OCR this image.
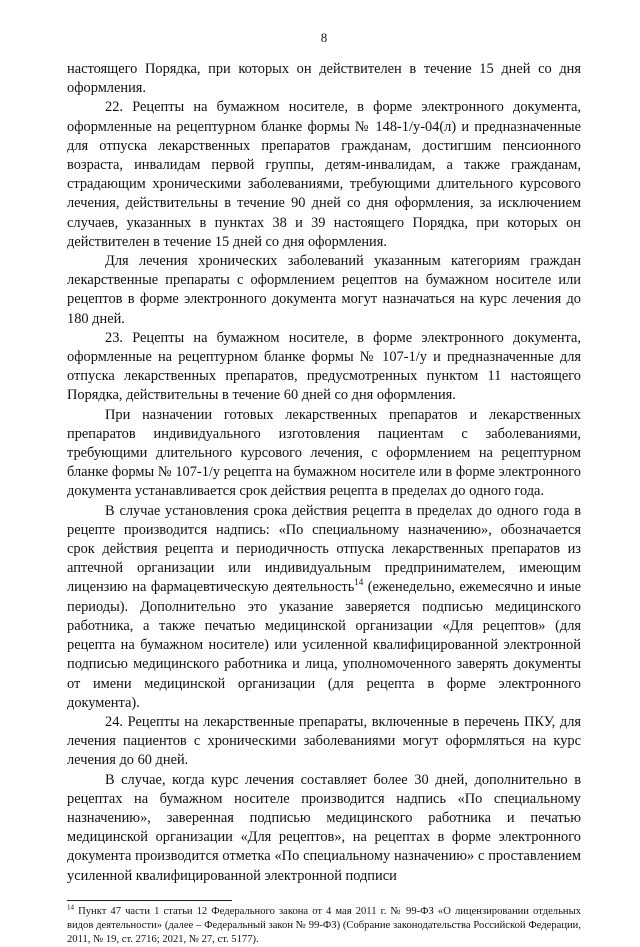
8

настоящего Порядка, при которых он действителен в течение 15 дней со дня оформления.

22. Рецепты на бумажном носителе, в форме электронного документа, оформленные на рецептурном бланке формы № 148-1/у-04(л) и предназначенные для отпуска лекарственных препаратов гражданам, достигшим пенсионного возраста, инвалидам первой группы, детям-инвалидам, а также гражданам, страдающим хроническими заболеваниями, требующими длительного курсового лечения, действительны в течение 90 дней со дня оформления, за исключением случаев, указанных в пунктах 38 и 39 настоящего Порядка, при которых он действителен в течение 15 дней со дня оформления.

Для лечения хронических заболеваний указанным категориям граждан лекарственные препараты с оформлением рецептов на бумажном носителе или рецептов в форме электронного документа могут назначаться на курс лечения до 180 дней.

23. Рецепты на бумажном носителе, в форме электронного документа, оформленные на рецептурном бланке формы № 107-1/у и предназначенные для отпуска лекарственных препаратов, предусмотренных пунктом 11 настоящего Порядка, действительны в течение 60 дней со дня оформления.

При назначении готовых лекарственных препаратов и лекарственных препаратов индивидуального изготовления пациентам с заболеваниями, требующими длительного курсового лечения, с оформлением на рецептурном бланке формы № 107-1/у рецепта на бумажном носителе или в форме электронного документа устанавливается срок действия рецепта в пределах до одного года.

В случае установления срока действия рецепта в пределах до одного года в рецепте производится надпись: «По специальному назначению», обозначается срок действия рецепта и периодичность отпуска лекарственных препаратов из аптечной организации или индивидуальным предпринимателем, имеющим лицензию на фармацевтическую деятельность$^{14}$ (еженедельно, ежемесячно и иные периоды). Дополнительно это указание заверяется подписью медицинского работника, а также печатью медицинской организации «Для рецептов» (для рецепта на бумажном носителе) или усиленной квалифицированной электронной подписью медицинского работника и лица, уполномоченного заверять документы от имени медицинской организации (для рецепта в форме электронного документа).

24. Рецепты на лекарственные препараты, включенные в перечень ПКУ, для лечения пациентов с хроническими заболеваниями могут оформляться на курс лечения до 60 дней.

В случае, когда курс лечения составляет более 30 дней, дополнительно в рецептах на бумажном носителе производится надпись «По специальному назначению», заверенная подписью медицинского работника и печатью медицинской организации «Для рецептов», на рецептах в форме электронного документа производится отметка «По специальному назначению» с проставлением усиленной квалифицированной электронной подписи

$^{14}$ Пункт 47 части 1 статьи 12 Федерального закона от 4 мая 2011 г. № 99-ФЗ «О лицензировании отдельных видов деятельности» (далее – Федеральный закон № 99-ФЗ) (Собрание законодательства Российской Федерации, 2011, № 19, ст. 2716; 2021, № 27, ст. 5177).
